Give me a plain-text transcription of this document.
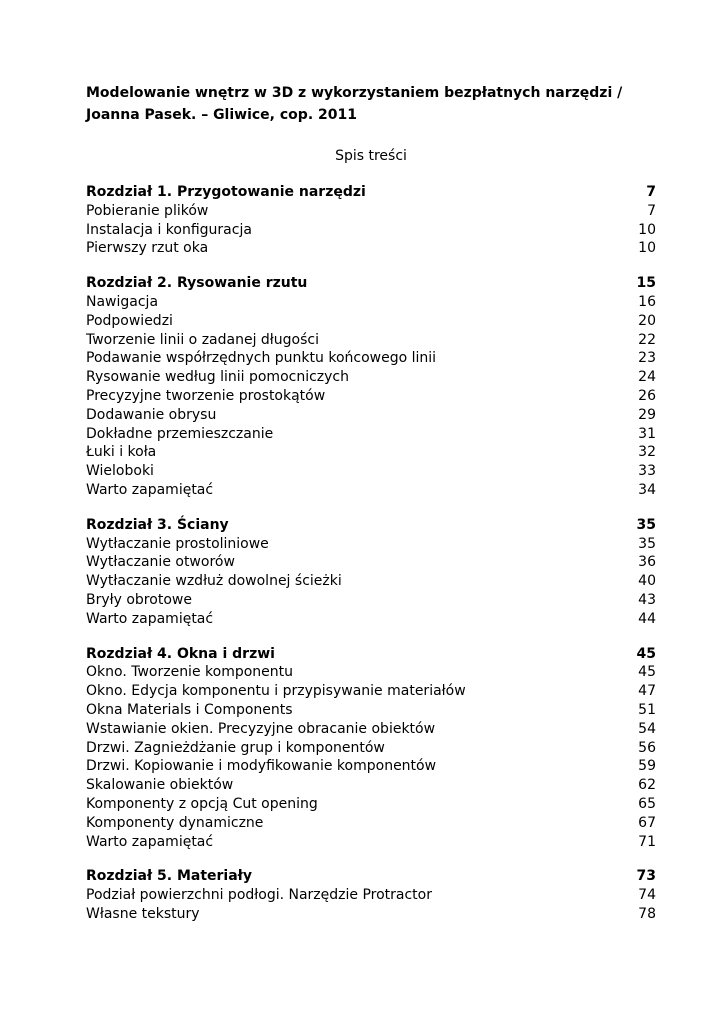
Modelowanie wnętrz w 3D z wykorzystaniem bezpłatnych narzędzi /
Joanna Pasek. – Gliwice, cop. 2011

Spis treści
Rozdział 1. Przygotowanie narzędzi	7
Pobieranie plików	7
Instalacja i konfiguracja	10
Pierwszy rzut oka	10
Rozdział 2. Rysowanie rzutu	15
Nawigacja	16
Podpowiedzi	20
Tworzenie linii o zadanej długości	22
Podawanie współrzędnych punktu końcowego linii	23
Rysowanie według linii pomocniczych	24
Precyzyjne tworzenie prostokątów	26
Dodawanie obrysu	29
Dokładne przemieszczanie	31
Łuki i koła	32
Wieloboki	33
Warto zapamiętać	34
Rozdział 3. Ściany	35
Wytłaczanie prostoliniowe	35
Wytłaczanie otworów	36
Wytłaczanie wzdłuż dowolnej ścieżki	40
Bryły obrotowe	43
Warto zapamiętać	44
Rozdział 4. Okna i drzwi	45
Okno. Tworzenie komponentu	45
Okno. Edycja komponentu i przypisywanie materiałów	47
Okna Materials i Components	51
Wstawianie okien. Precyzyjne obracanie obiektów	54
Drzwi. Zagnieżdżanie grup i komponentów	56
Drzwi. Kopiowanie i modyfikowanie komponentów	59
Skalowanie obiektów	62
Komponenty z opcją Cut opening	65
Komponenty dynamiczne	67
Warto zapamiętać	71
Rozdział 5. Materiały	73
Podział powierzchni podłogi. Narzędzie Protractor	74
Własne tekstury	78
